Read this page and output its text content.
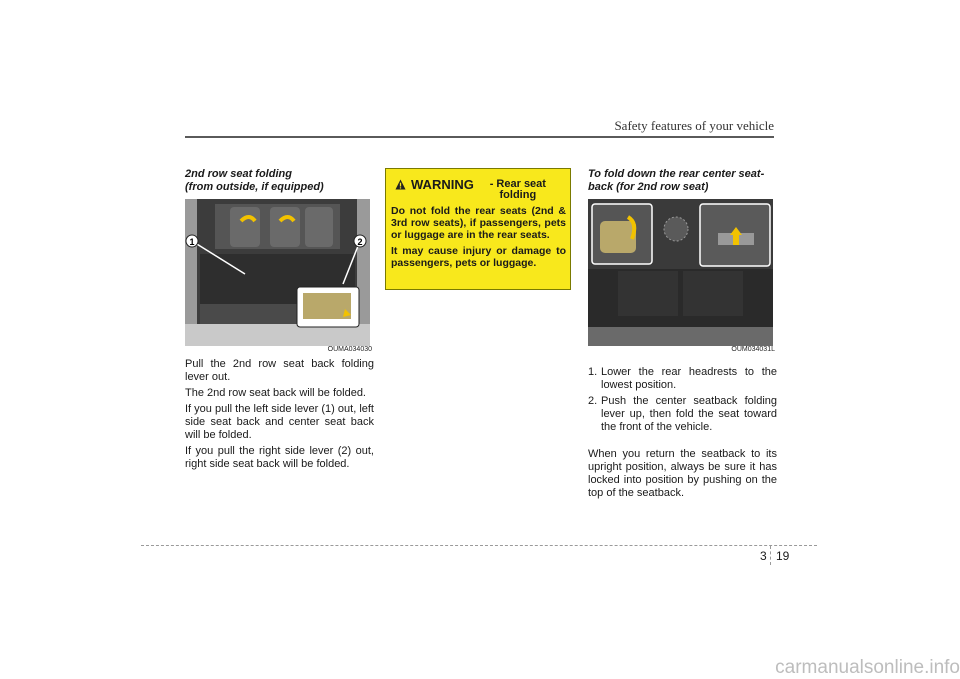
Safety features of your vehicle
2nd row seat folding
(from outside, if equipped)
1	2
OUMA034030

Pull the 2nd row seat back folding lever out.

The 2nd row seat back will be folded.

If you pull the left side lever (1) out, left side seat back and center seat back will be folded.

If you pull the right side lever (2) out, right side seat back will be folded.

WARNING	- Rear seat folding

Do not fold the rear seats (2nd & 3rd row seats), if passengers, pets or luggage are in the rear seats.

It may cause injury or damage to passengers, pets or luggage.

To fold down the rear center seat-
back (for 2nd row seat)
OUM034031L
1. Lower the rear headrests to the lowest position.
2. Push the center seatback folding lever up, then fold the seat toward the front of the vehicle.

When you return the seatback to its upright position, always be sure it has locked into position by pushing on the top of the seatback.

3 19
carmanualsonline.info
